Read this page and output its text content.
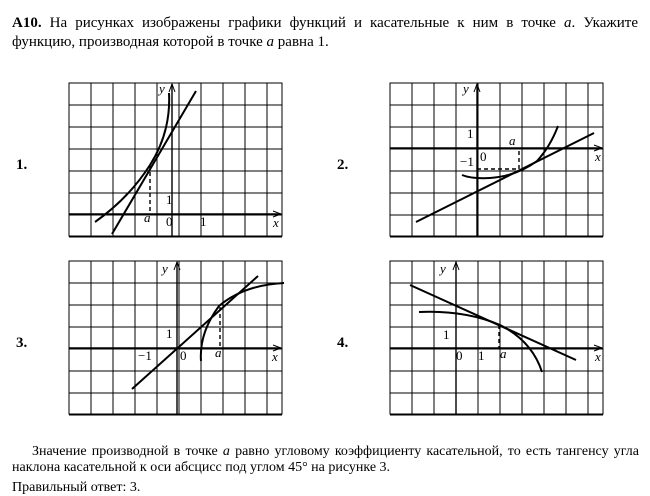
A10. На рисунках изображены графики функций и касательные к ним в точке a. Укажите функцию, производная которой в точке a равна 1.
1.	2.
3.	4.
y
x
a 0 1
1
y
x
a
0
−1
1
y
x
a
0
−1
1
y
x
a
0 1
1
Значение производной в точке a равно угловому коэффициенту касательной, то есть тангенсу угла наклона касательной к оси абсцисс под углом 45° на рисунке 3.
Правильный ответ: 3.
